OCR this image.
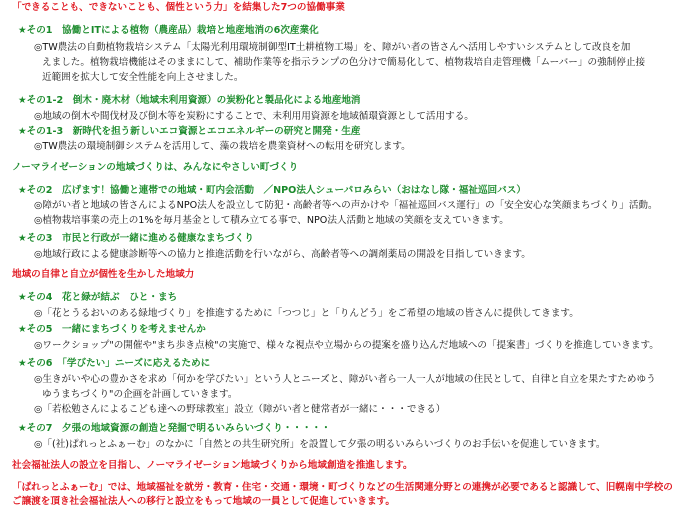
「できることも、できないことも、個性という力」を結集した7つの協働事業
★その1　協働とITによる植物（農産品）栽培と地産地消の6次産業化
◎TW農法の自動植物栽培システム「太陽光利用環境制御型IT土耕植物工場」を、障がい者の皆さんへ活用しやすいシステムとして改良を加
えました。植物栽培機能はそのままにして、補助作業等を指示ランプの色分けで簡易化して、植物栽培自走管理機「ムーバー」の強制停止接
近範囲を拡大して安全性能を向上させました。
★その1-2　倒木・廃木材（地域未利用資源）の炭粉化と製品化による地産地消
◎地域の倒木や間伐材及び倒木等を炭粉にすることで、未利用用資源を地域循環資源として活用する。
★その1-3　新時代を担う新しいエコ資源とエコエネルギーの研究と開発・生産
◎TW農法の環境制御システムを活用して、藻の栽培を農業資材への転用を研究します。
ノーマライゼーションの地域づくりは、みんなにやさしい町づくり
★その2　広げます！協働と連帯での地域・町内会活動　／NPO法人シューパロみらい（おはなし隊・福祉巡回バス）
◎障がい者と地域の皆さんによるNPO法人を設立して防犯・高齢者等への声かけや「福祉巡回バス運行」の「安全安心な笑顔まちづくり」活動。
◎植物栽培事業の売上の1%を毎月基金として積み立てる事で、NPO法人活動と地域の笑顔を支えていきます。
★その3　市民と行政が一緒に進める健康なまちづくり
◎地域行政による健康診断等への協力と推進活動を行いながら、高齢者等への調剤薬局の開設を目指していきます。
地域の自律と自立が個性を生かした地域力
★その4　花と緑が結ぶ　ひと・まち
◎「花とうるおいのある緑地づくり」を推進するために「つつじ」と「りんどう」をご希望の地域の皆さんに提供してきます。
★その5　一緒にまちづくりを考えませんか
◎ワークショップ"の開催や"まち歩き点検"の実施で、様々な視点や立場からの提案を盛り込んだ地域への「提案書」づくりを推進していきます。
★その6　「学びたい」ニーズに応えるために
◎生きがいや心の豊かさを求め「何かを学びたい」という人とニーズと、障がい者ら一人一人が地域の住民として、自律と自立を果たすためゆう
ゆうまちづくり"の企画を計画していきます。
◎「若松勉さんによるこども達への野球教室」設立（障がい者と健常者が一緒に・・・できる）
★その7　夕張の地域資源の創造と発掘で明るいみらいづくり・・・・・
◎「(社)ぱれっとふぁーむ」のなかに「自然との共生研究所」を設置して夕張の明るいみらいづくりのお手伝いを促進していきます。
社会福祉法人の設立を目指し、ノーマライゼーション地域づくりから地域創造を推進します。
「ぱれっとふぁーむ」では、地域福祉を就労・教育・住宅・交通・環境・町づくりなどの生活関連分野との連携が必要であると認識して、旧幌南中学校の
ご譲渡を頂き社会福祉法人への移行と設立をもって地域の一員として促進していきます。
